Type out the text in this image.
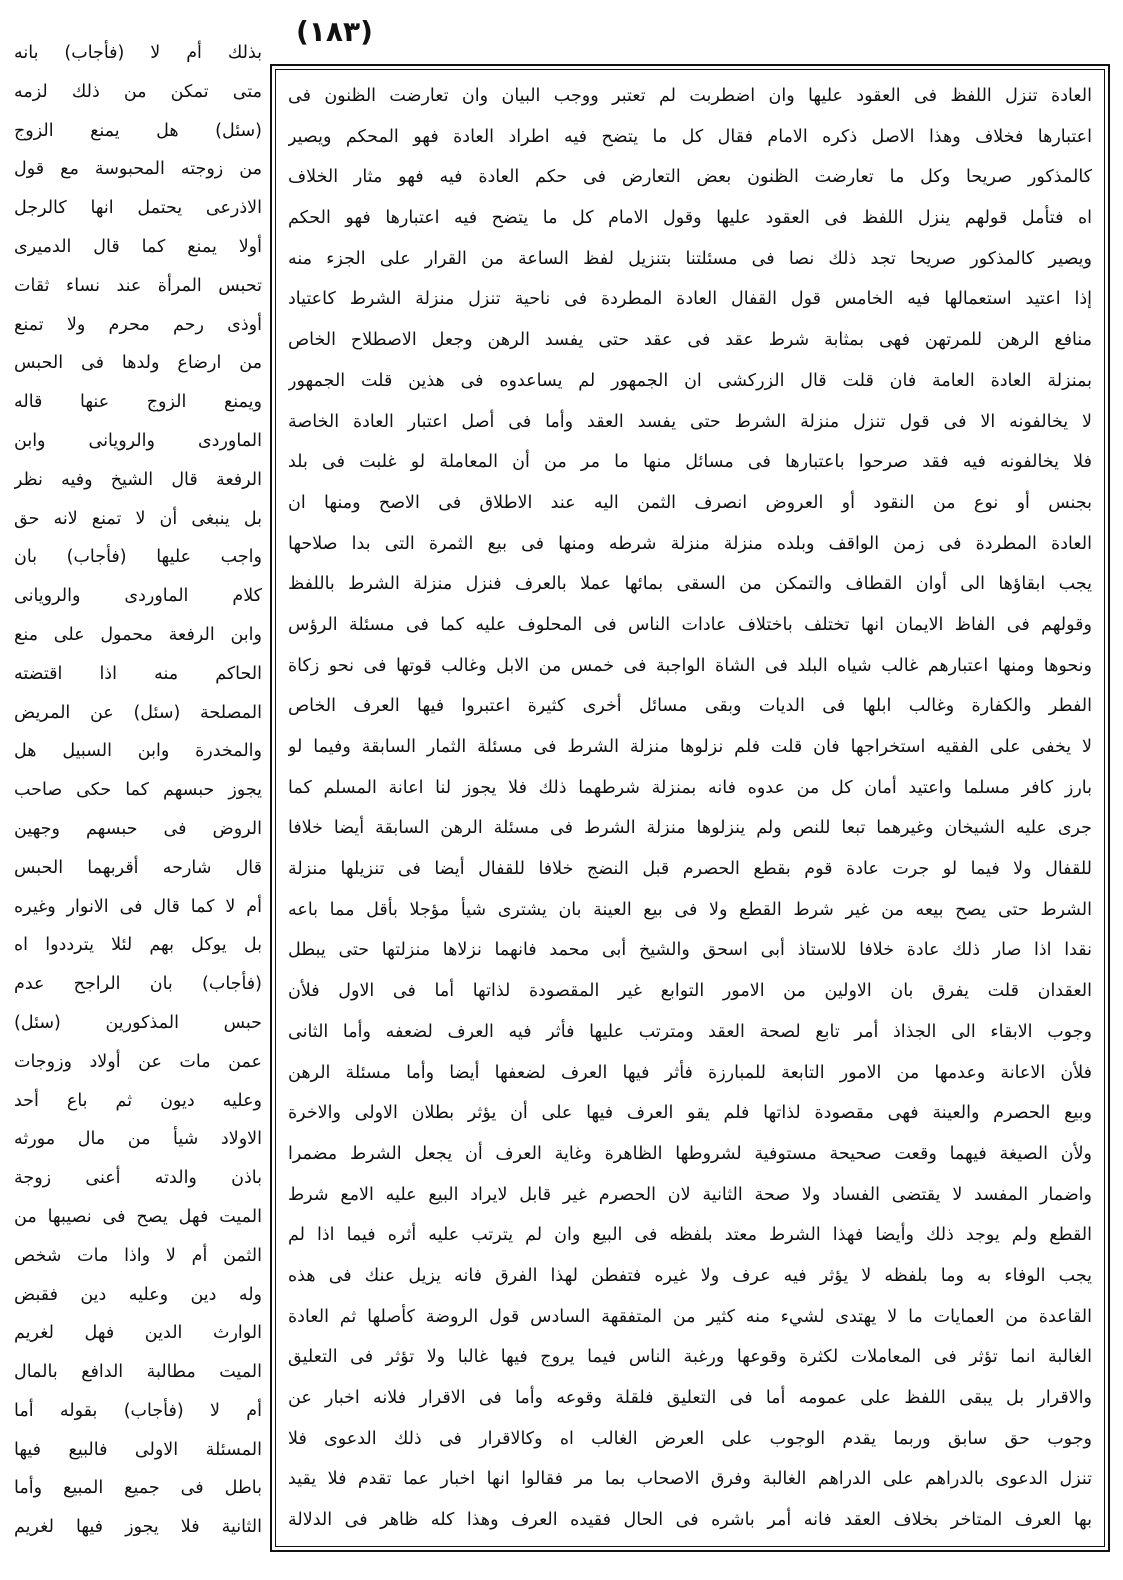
(١٨٣)
العادة تنزل اللفظ فى العقود عليها وان اضطربت لم تعتبر ووجب البيان وان تعارضت الظنون فى
اعتبارها فخلاف وهذا الاصل ذكره الامام فقال كل ما يتضح فيه اطراد العادة فهو المحكم ويصير
كالمذكور صريحا وكل ما تعارضت الظنون بعض التعارض فى حكم العادة فيه فهو مثار الخلاف
اه فتأمل قولهم ينزل اللفظ فى العقود عليها وقول الامام كل ما يتضح فيه اعتبارها فهو الحكم
ويصير كالمذكور صريحا تجد ذلك نصا فى مسئلتنا بتنزيل لفظ الساعة من القرار على الجزء منه
إذا اعتيد استعمالها فيه الخامس قول القفال العادة المطردة فى ناحية تنزل منزلة الشرط كاعتياد
منافع الرهن للمرتهن فهى بمثابة شرط عقد فى عقد حتى يفسد الرهن وجعل الاصطلاح الخاص
بمنزلة العادة العامة فان قلت قال الزركشى ان الجمهور لم يساعدوه فى هذين قلت الجمهور
لا يخالفونه الا فى قول تنزل منزلة الشرط حتى يفسد العقد وأما فى أصل اعتبار العادة الخاصة
فلا يخالفونه فيه فقد صرحوا باعتبارها فى مسائل منها ما مر من أن المعاملة لو غلبت فى بلد
بجنس أو نوع من النقود أو العروض انصرف الثمن اليه عند الاطلاق فى الاصح ومنها ان
العادة المطردة فى زمن الواقف وبلده منزلة منزلة شرطه ومنها فى بيع الثمرة التى بدا صلاحها
يجب ابقاؤها الى أوان القطاف والتمكن من السقى بمائها عملا بالعرف فنزل منزلة الشرط باللفظ
وقولهم فى الفاظ الايمان انها تختلف باختلاف عادات الناس فى المحلوف عليه كما فى مسئلة الرؤس
ونحوها ومنها اعتبارهم غالب شياه البلد فى الشاة الواجبة فى خمس من الابل وغالب قوتها فى نحو زكاة
الفطر والكفارة وغالب ابلها فى الديات وبقى مسائل أخرى كثيرة اعتبروا فيها العرف الخاص
لا يخفى على الفقيه استخراجها فان قلت فلم نزلوها منزلة الشرط فى مسئلة الثمار السابقة وفيما لو
بارز كافر مسلما واعتيد أمان كل من عدوه فانه بمنزلة شرطهما ذلك فلا يجوز لنا اعانة المسلم كما
جرى عليه الشيخان وغيرهما تبعا للنص ولم ينزلوها منزلة الشرط فى مسئلة الرهن السابقة أيضا خلافا
للقفال ولا فيما لو جرت عادة قوم بقطع الحصرم قبل النضج خلافا للقفال أيضا فى تنزيلها منزلة
الشرط حتى يصح بيعه من غير شرط القطع ولا فى بيع العينة بان يشترى شيأ مؤجلا بأقل مما باعه
نقدا اذا صار ذلك عادة خلافا للاستاذ أبى اسحق والشيخ أبى محمد فانهما نزلاها منزلتها حتى يبطل
العقدان قلت يفرق بان الاولين من الامور التوابع غير المقصودة لذاتها أما فى الاول فلأن
وجوب الابقاء الى الجذاذ أمر تابع لصحة العقد ومترتب عليها فأثر فيه العرف لضعفه وأما الثانى
فلأن الاعانة وعدمها من الامور التابعة للمبارزة فأثر فيها العرف لضعفها أيضا وأما مسئلة الرهن
وبيع الحصرم والعينة فهى مقصودة لذاتها فلم يقو العرف فيها على أن يؤثر بطلان الاولى والاخرة
ولأن الصيغة فيهما وقعت صحيحة مستوفية لشروطها الظاهرة وغاية العرف أن يجعل الشرط مضمرا
واضمار المفسد لا يقتضى الفساد ولا صحة الثانية لان الحصرم غير قابل لايراد البيع عليه الامع شرط
القطع ولم يوجد ذلك وأيضا فهذا الشرط معتد بلفظه فى البيع وان لم يترتب عليه أثره فيما اذا لم
يجب الوفاء به وما بلفظه لا يؤثر فيه عرف ولا غيره فتفطن لهذا الفرق فانه يزيل عنك فى هذه
القاعدة من العمايات ما لا يهتدى لشيء منه كثير من المتفقهة السادس قول الروضة كأصلها ثم العادة
الغالبة انما تؤثر فى المعاملات لكثرة وقوعها ورغبة الناس فيما يروج فيها غالبا ولا تؤثر فى التعليق
والاقرار بل يبقى اللفظ على عمومه أما فى التعليق فلقلة وقوعه وأما فى الاقرار فلانه اخبار عن
وجوب حق سابق وربما يقدم الوجوب على العرض الغالب اه وكالاقرار فى ذلك الدعوى فلا
تنزل الدعوى بالدراهم على الدراهم الغالبة وفرق الاصحاب بما مر فقالوا انها اخبار عما تقدم فلا يقيد
بها العرف المتاخر بخلاف العقد فانه أمر باشره فى الحال فقيده العرف وهذا كله ظاهر فى الدلالة
بذلك أم لا (فأجاب) بانه
متى تمكن من ذلك لزمه
(سئل) هل يمنع الزوج
من زوجته المحبوسة مع قول
الاذرعى يحتمل انها كالرجل
أولا يمنع كما قال الدميرى
تحبس المرأة عند نساء ثقات
أوذى رحم محرم ولا تمنع
من ارضاع ولدها فى الحبس
ويمنع الزوج عنها قاله
الماوردى والرويانى وابن
الرفعة قال الشيخ وفيه نظر
بل ينبغى أن لا تمنع لانه حق
واجب عليها (فأجاب) بان
كلام الماوردى والرويانى
وابن الرفعة محمول على منع
الحاكم منه اذا اقتضته
المصلحة (سئل) عن المريض
والمخدرة وابن السبيل هل
يجوز حبسهم كما حكى صاحب
الروض فى حبسهم وجهين
قال شارحه أقربهما الحبس
أم لا كما قال فى الانوار وغيره
بل يوكل بهم لئلا يترددوا اه
(فأجاب) بان الراجح عدم
حبس المذكورين (سئل)
عمن مات عن أولاد وزوجات
وعليه ديون ثم باع أحد
الاولاد شيأ من مال مورثه
باذن والدته أعنى زوجة
الميت فهل يصح فى نصيبها من
الثمن أم لا واذا مات شخص
وله دين وعليه دين فقبض
الوارث الدين فهل لغريم
الميت مطالبة الدافع بالمال
أم لا (فأجاب) بقوله أما
المسئلة الاولى فالبيع فيها
باطل فى جميع المبيع وأما
الثانية فلا يجوز فيها لغريم
